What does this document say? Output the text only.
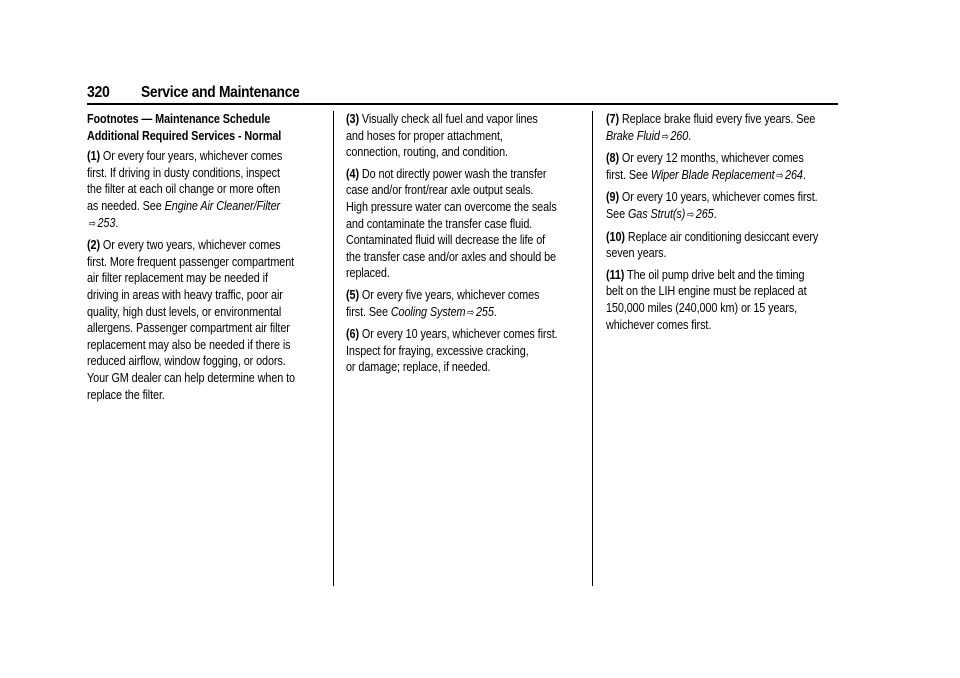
320 Service and Maintenance
Footnotes — Maintenance Schedule
Additional Required Services - Normal
(1) Or every four years, whichever comes
first. If driving in dusty conditions, inspect
the filter at each oil change or more often
as needed. See Engine Air Cleaner/Filter
⇨ 253.
(2) Or every two years, whichever comes
first. More frequent passenger compartment
air filter replacement may be needed if
driving in areas with heavy traffic, poor air
quality, high dust levels, or environmental
allergens. Passenger compartment air filter
replacement may also be needed if there is
reduced airflow, window fogging, or odors.
Your GM dealer can help determine when to
replace the filter.
(3) Visually check all fuel and vapor lines
and hoses for proper attachment,
connection, routing, and condition.
(4) Do not directly power wash the transfer
case and/or front/rear axle output seals.
High pressure water can overcome the seals
and contaminate the transfer case fluid.
Contaminated fluid will decrease the life of
the transfer case and/or axles and should be
replaced.
(5) Or every five years, whichever comes
first. See Cooling System ⇨ 255.
(6) Or every 10 years, whichever comes first.
Inspect for fraying, excessive cracking,
or damage; replace, if needed.
(7) Replace brake fluid every five years. See
Brake Fluid ⇨ 260.
(8) Or every 12 months, whichever comes
first. See Wiper Blade Replacement ⇨ 264.
(9) Or every 10 years, whichever comes first.
See Gas Strut(s) ⇨ 265.
(10) Replace air conditioning desiccant every
seven years.
(11) The oil pump drive belt and the timing
belt on the LIH engine must be replaced at
150,000 miles (240,000 km) or 15 years,
whichever comes first.
